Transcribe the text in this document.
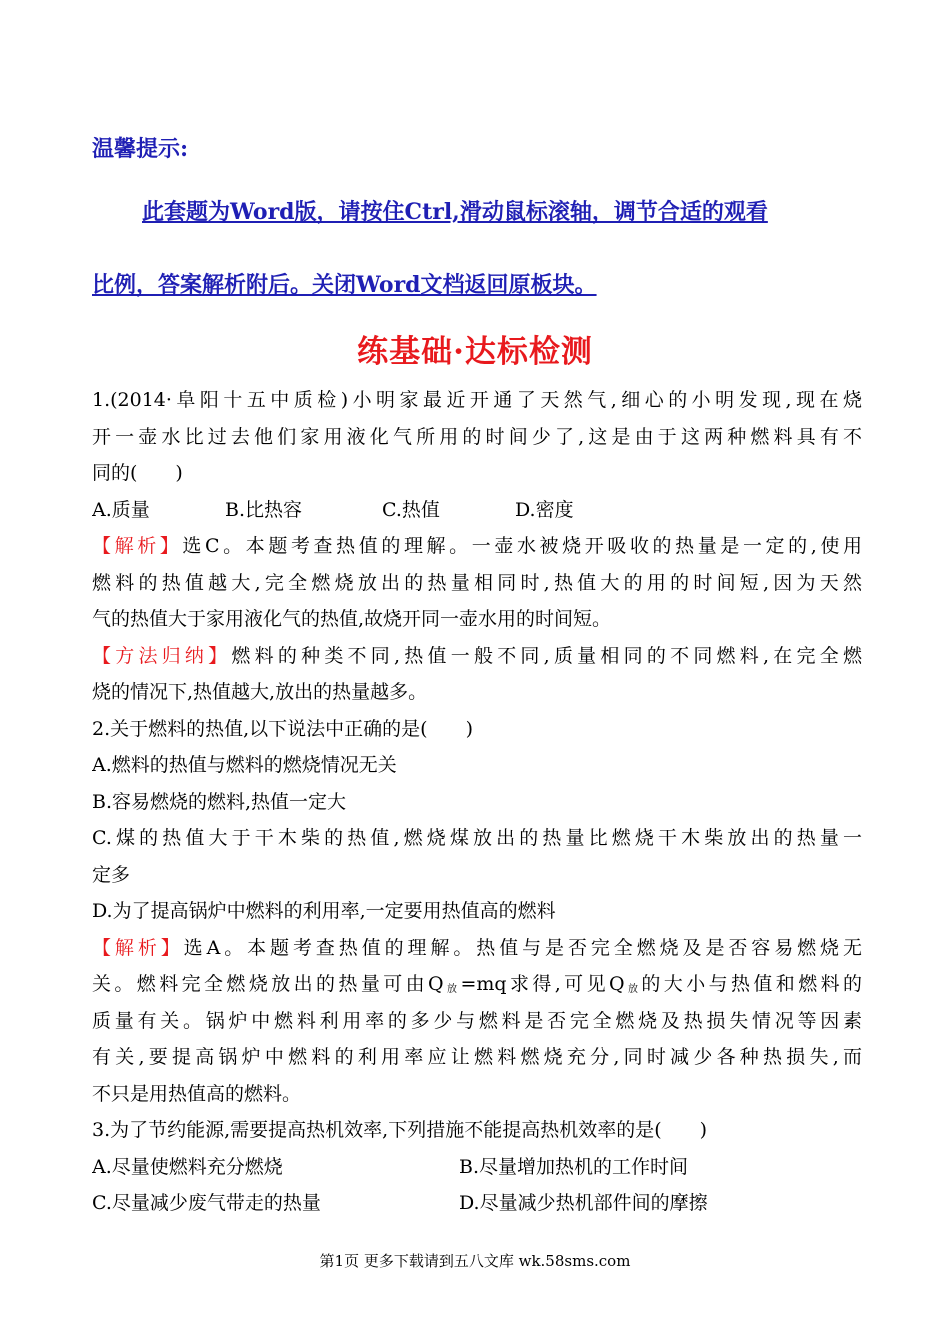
温馨提示:
此套题为Word版，请按住Ctrl,滑动鼠标滚轴，调节合适的观看
比例，答案解析附后。关闭Word文档返回原板块。
练基础·达标检测
1.(2014·阜阳十五中质检)小明家最近开通了天然气,细心的小明发现,现在烧
开一壶水比过去他们家用液化气所用的时间少了,这是由于这两种燃料具有不
同的(　　)
A.质量	B.比热容	C.热值	D.密度
【解析】选C。本题考查热值的理解。一壶水被烧开吸收的热量是一定的,使用
燃料的热值越大,完全燃烧放出的热量相同时,热值大的用的时间短,因为天然
气的热值大于家用液化气的热值,故烧开同一壶水用的时间短。
【方法归纳】燃料的种类不同,热值一般不同,质量相同的不同燃料,在完全燃
烧的情况下,热值越大,放出的热量越多。
2.关于燃料的热值,以下说法中正确的是(　　)
A.燃料的热值与燃料的燃烧情况无关
B.容易燃烧的燃料,热值一定大
C.煤的热值大于干木柴的热值,燃烧煤放出的热量比燃烧干木柴放出的热量一
定多
D.为了提高锅炉中燃料的利用率,一定要用热值高的燃料
【解析】选A。本题考查热值的理解。热值与是否完全燃烧及是否容易燃烧无
关。燃料完全燃烧放出的热量可由$Q_放=mq$求得,可见$Q_放$的大小与热值和燃料的
质量有关。锅炉中燃料利用率的多少与燃料是否完全燃烧及热损失情况等因素
有关,要提高锅炉中燃料的利用率应让燃料燃烧充分,同时减少各种热损失,而
不只是用热值高的燃料。
3.为了节约能源,需要提高热机效率,下列措施不能提高热机效率的是(　　)
A.尽量使燃料充分燃烧	B.尽量增加热机的工作时间
C.尽量减少废气带走的热量	D.尽量减少热机部件间的摩擦
第1页 更多下载请到五八文库 wk.58sms.com
